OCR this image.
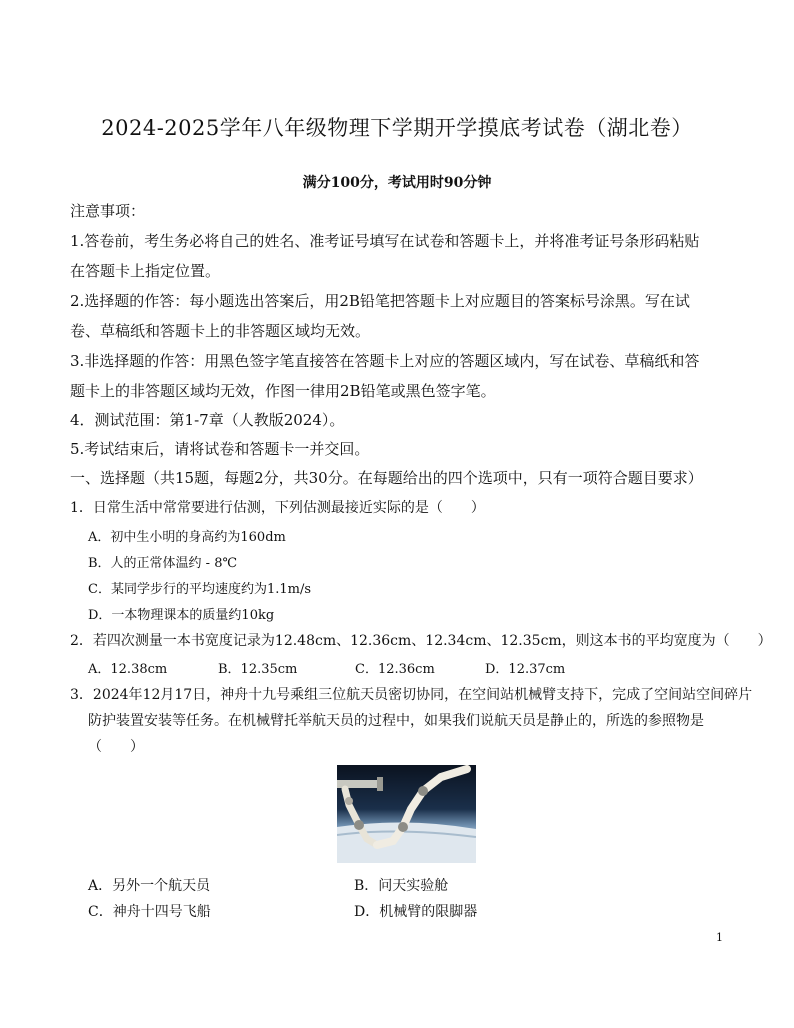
2024-2025学年八年级物理下学期开学摸底考试卷（湖北卷）
满分100分，考试用时90分钟
注意事项：
1.答卷前，考生务必将自己的姓名、准考证号填写在试卷和答题卡上，并将准考证号条形码粘贴
在答题卡上指定位置。
2.选择题的作答：每小题选出答案后，用2B铅笔把答题卡上对应题目的答案标号涂黑。写在试
卷、草稿纸和答题卡上的非答题区域均无效。
3.非选择题的作答：用黑色签字笔直接答在答题卡上对应的答题区域内，写在试卷、草稿纸和答
题卡上的非答题区域均无效，作图一律用2B铅笔或黑色签字笔。
4．测试范围：第1-7章（人教版2024）。
5.考试结束后，请将试卷和答题卡一并交回。
一、选择题（共15题，每题2分，共30分。在每题给出的四个选项中，只有一项符合题目要求）
1．日常生活中常常要进行估测，下列估测最接近实际的是（　　）
A．初中生小明的身高约为160dm
B．人的正常体温约 - 8℃
C．某同学步行的平均速度约为1.1m/s
D．一本物理课本的质量约10kg
2．若四次测量一本书宽度记录为12.48cm、12.36cm、12.34cm、12.35cm，则这本书的平均宽度为（　　）
A．12.38cm	B．12.35cm	C．12.36cm	D．12.37cm
3．2024年12月17日，神舟十九号乘组三位航天员密切协同，在空间站机械臂支持下，完成了空间站空间碎片
防护装置安装等任务。在机械臂托举航天员的过程中，如果我们说航天员是静止的，所选的参照物是
（　　）
A．另外一个航天员	B．问天实验舱
C．神舟十四号飞船	D．机械臂的限脚器
1
